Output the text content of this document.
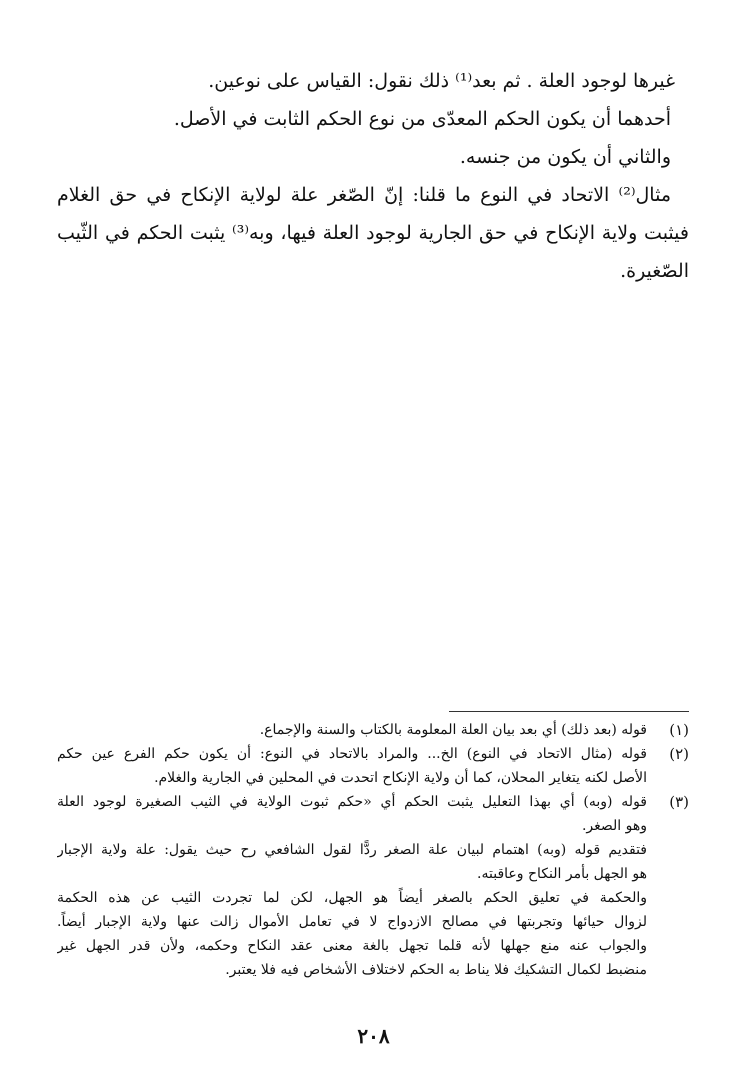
غيرها لوجود العلة . ثم بعد⁽¹⁾ ذلك نقول: القياس على نوعين.
أحدهما أن يكون الحكم المعدّى من نوع الحكم الثابت في الأصل.
والثاني أن يكون من جنسه.
مثال⁽²⁾ الاتحاد في النوع ما قلنا: إنّ الصّغر علة لولاية الإنكاح في حق الغلام
فيثبت ولاية الإنكاح في حق الجارية لوجود العلة فيها، وبه⁽³⁾ يثبت الحكم في الثّيب
الصّغيرة.
(١)
قوله (بعد ذلك) أي بعد بيان العلة المعلومة بالكتاب والسنة والإجماع.
(٢)
قوله (مثال الاتحاد في النوع) الخ... والمراد بالاتحاد في النوع: أن يكون حكم الفرع عين حكم
الأصل لكنه يتغاير المحلان، كما أن ولاية الإنكاح اتحدت في المحلين في الجارية والغلام.
(٣)
قوله (وبه) أي بهذا التعليل يثبت الحكم أي «حكم ثبوت الولاية في الثيب الصغيرة لوجود العلة
وهو الصغر.
فتقديم قوله (وبه) اهتمام لبيان علة الصغر ردًّا لقول الشافعي رح حيث يقول: علة ولاية الإجبار
هو الجهل بأمر النكاح وعاقبته.
والحكمة في تعليق الحكم بالصغر أيضاً هو الجهل، لكن لما تجردت الثيب عن هذه الحكمة
لزوال حيائها وتجربتها في مصالح الازدواج لا في تعامل الأموال زالت عنها ولاية الإجبار أيضاً.
والجواب عنه منع جهلها لأنه قلما تجهل بالغة معنى عقد النكاح وحكمه، ولأن قدر الجهل غير
منضبط لكمال التشكيك فلا يناط به الحكم لاختلاف الأشخاص فيه فلا يعتبر.
٢٠٨
